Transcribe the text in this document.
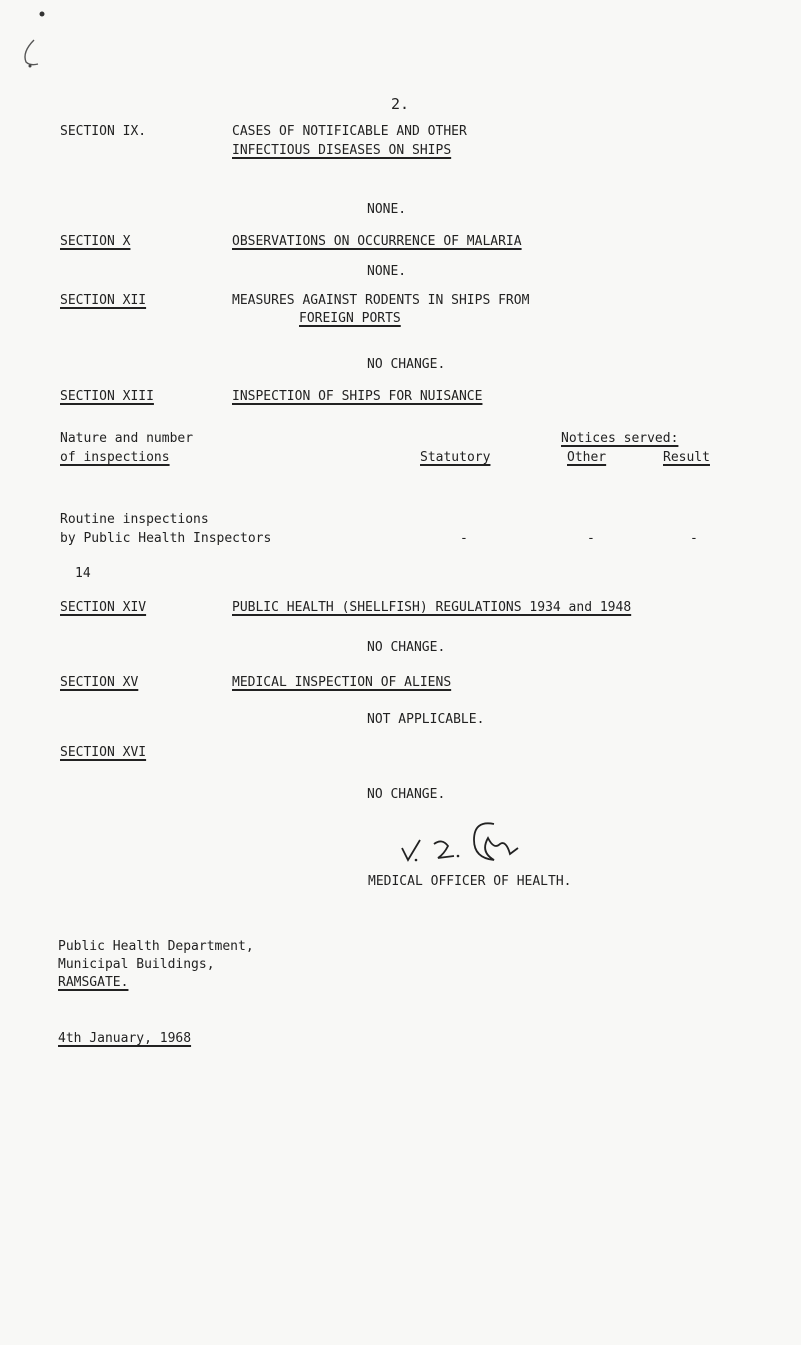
2.
SECTION IX.	CASES OF NOTIFICABLE AND OTHER
INFECTIOUS DISEASES ON SHIPS
NONE.
SECTION X	OBSERVATIONS ON OCCURRENCE OF MALARIA
NONE.
SECTION XII	MEASURES AGAINST RODENTS IN SHIPS FROM
FOREIGN PORTS
NO CHANGE.
SECTION XIII	INSPECTION OF SHIPS FOR NUISANCE
Nature and number
of inspections
Notices served:
Statutory	Other	Result
Routine inspections
by Public Health Inspectors	-	-	-
14
SECTION XIV	PUBLIC HEALTH (SHELLFISH) REGULATIONS 1934 and 1948
NO CHANGE.
SECTION XV	MEDICAL INSPECTION OF ALIENS
NOT APPLICABLE.
SECTION XVI
NO CHANGE.
MEDICAL OFFICER OF HEALTH.
Public Health Department,
Municipal Buildings,
RAMSGATE.
4th January, 1968
